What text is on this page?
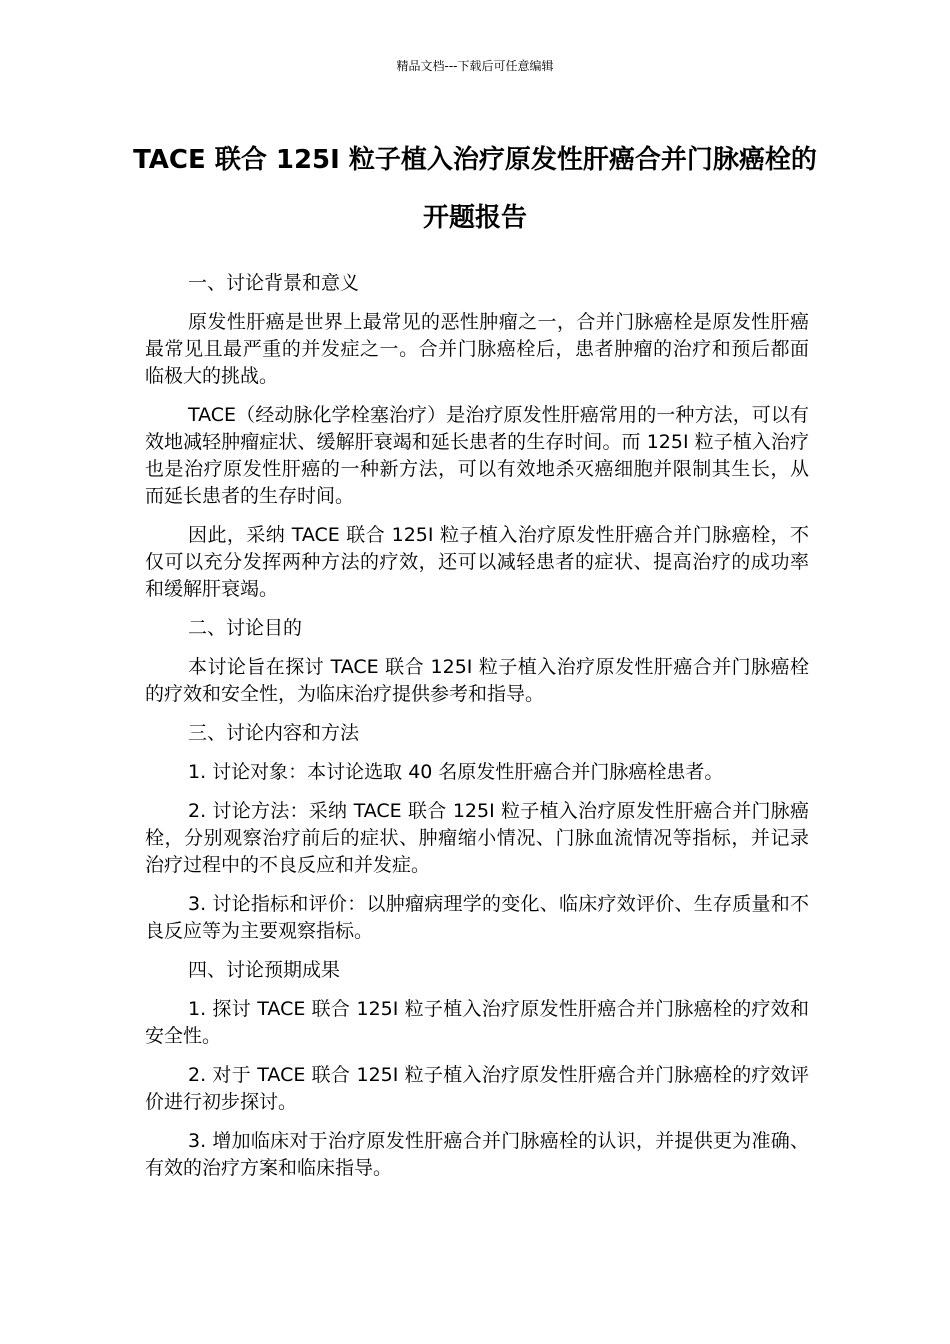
精品文档---下载后可任意编辑
TACE 联合 125I 粒子植入治疗原发性肝癌合并门脉癌栓的开题报告

一、讨论背景和意义

原发性肝癌是世界上最常见的恶性肿瘤之一，合并门脉癌栓是原发性肝癌最常见且最严重的并发症之一。合并门脉癌栓后，患者肿瘤的治疗和预后都面临极大的挑战。

TACE（经动脉化学栓塞治疗）是治疗原发性肝癌常用的一种方法，可以有效地减轻肿瘤症状、缓解肝衰竭和延长患者的生存时间。而 125I 粒子植入治疗也是治疗原发性肝癌的一种新方法，可以有效地杀灭癌细胞并限制其生长，从而延长患者的生存时间。

因此，采纳 TACE 联合 125I 粒子植入治疗原发性肝癌合并门脉癌栓，不仅可以充分发挥两种方法的疗效，还可以减轻患者的症状、提高治疗的成功率和缓解肝衰竭。

二、讨论目的

本讨论旨在探讨 TACE 联合 125I 粒子植入治疗原发性肝癌合并门脉癌栓的疗效和安全性，为临床治疗提供参考和指导。

三、讨论内容和方法

1. 讨论对象：本讨论选取 40 名原发性肝癌合并门脉癌栓患者。

2. 讨论方法：采纳 TACE 联合 125I 粒子植入治疗原发性肝癌合并门脉癌栓，分别观察治疗前后的症状、肿瘤缩小情况、门脉血流情况等指标，并记录治疗过程中的不良反应和并发症。

3. 讨论指标和评价：以肿瘤病理学的变化、临床疗效评价、生存质量和不良反应等为主要观察指标。

四、讨论预期成果

1. 探讨 TACE 联合 125I 粒子植入治疗原发性肝癌合并门脉癌栓的疗效和安全性。

2. 对于 TACE 联合 125I 粒子植入治疗原发性肝癌合并门脉癌栓的疗效评价进行初步探讨。

3. 增加临床对于治疗原发性肝癌合并门脉癌栓的认识，并提供更为准确、有效的治疗方案和临床指导。
